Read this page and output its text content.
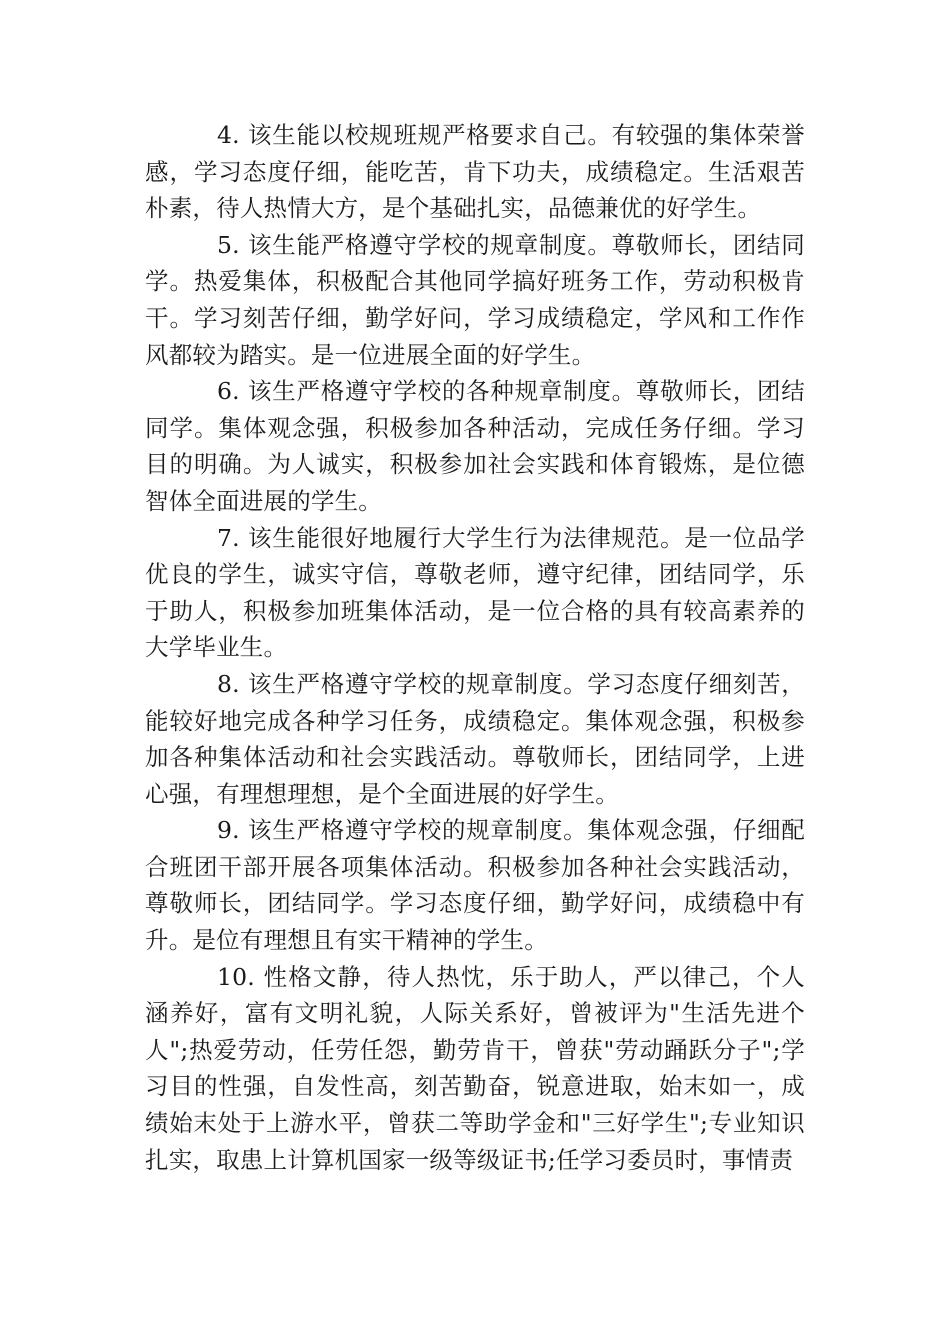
4. 该生能以校规班规严格要求自己。有较强的集体荣誉感，学习态度仔细，能吃苦，肯下功夫，成绩稳定。生活艰苦朴素，待人热情大方，是个基础扎实，品德兼优的好学生。

5. 该生能严格遵守学校的规章制度。尊敬师长，团结同学。热爱集体，积极配合其他同学搞好班务工作，劳动积极肯干。学习刻苦仔细，勤学好问，学习成绩稳定，学风和工作作风都较为踏实。是一位进展全面的好学生。

6. 该生严格遵守学校的各种规章制度。尊敬师长，团结同学。集体观念强，积极参加各种活动，完成任务仔细。学习目的明确。为人诚实，积极参加社会实践和体育锻炼，是位德智体全面进展的学生。

7. 该生能很好地履行大学生行为法律规范。是一位品学优良的学生，诚实守信，尊敬老师，遵守纪律，团结同学，乐于助人，积极参加班集体活动，是一位合格的具有较高素养的大学毕业生。

8. 该生严格遵守学校的规章制度。学习态度仔细刻苦，能较好地完成各种学习任务，成绩稳定。集体观念强，积极参加各种集体活动和社会实践活动。尊敬师长，团结同学，上进心强，有理想理想，是个全面进展的好学生。

9. 该生严格遵守学校的规章制度。集体观念强，仔细配合班团干部开展各项集体活动。积极参加各种社会实践活动，尊敬师长，团结同学。学习态度仔细，勤学好问，成绩稳中有升。是位有理想且有实干精神的学生。

10. 性格文静，待人热忱，乐于助人，严以律己，个人涵养好，富有文明礼貌，人际关系好，曾被评为"生活先进个人";热爱劳动，任劳任怨，勤劳肯干，曾获"劳动踊跃分子";学习目的性强，自发性高，刻苦勤奋，锐意进取，始末如一，成绩始末处于上游水平，曾获二等助学金和"三好学生";专业知识扎实，取患上计算机国家一级等级证书;任学习委员时，事情责
